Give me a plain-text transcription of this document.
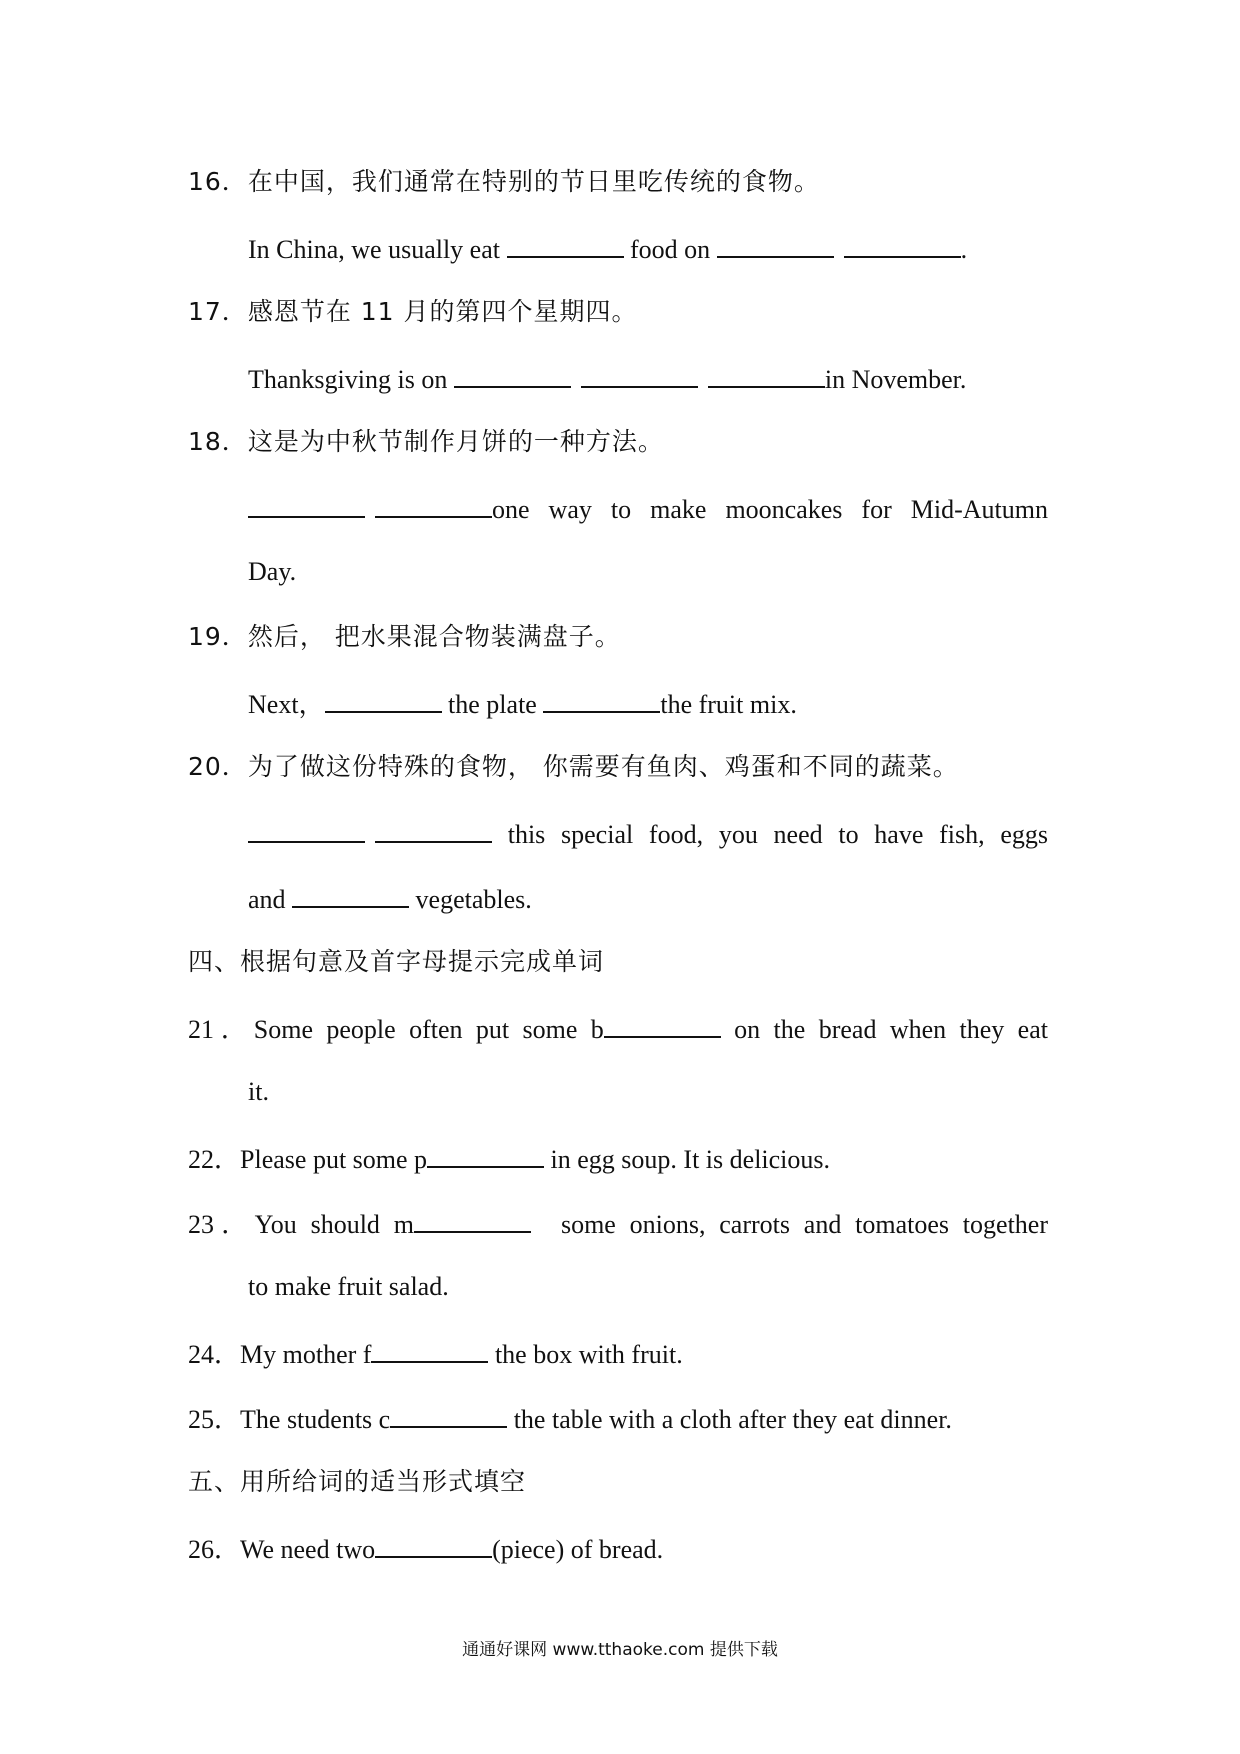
16．在中国，我们通常在特别的节日里吃传统的食物。
In China, we usually eat	food on	.
17．感恩节在 11 月的第四个星期四。
Thanksgiving is on	in November.
18．这是为中秋节制作月饼的一种方法。
one way to make mooncakes for Mid-Autumn
Day.
19．然后， 把水果混合物装满盘子。
Next，	the plate	the fruit mix.
20．为了做这份特殊的食物， 你需要有鱼肉、鸡蛋和不同的蔬菜。
this special food, you need to have fish, eggs
and	vegetables.
四、根据句意及首字母提示完成单词
21．Some people often put some b	on the bread when they eat
it.
22．Please put some p	in egg soup. It is delicious.
23．You should m	some onions, carrots and tomatoes together
to make fruit salad.
24．My mother f	the box with fruit.
25．The students c	the table with a cloth after they eat dinner.
五、用所给词的适当形式填空
26．We need two	(piece) of bread.
通通好课网 www.tthaoke.com 提供下载
